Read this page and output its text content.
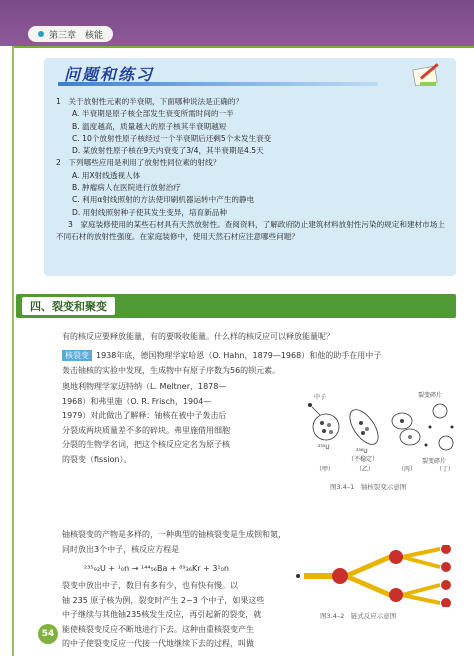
第三章　核能
问题和练习
1　关于放射性元素的半衰期，下面哪种说法是正确的？
A. 半衰期是原子核全部发生衰变所需时间的一半
B. 温度越高，质量越大的原子核其半衰期越短
C. 10个放射性原子核经过一个半衰期后还剩5个未发生衰变
D. 某放射性原子核在9天内衰变了3/4，其半衰期是4.5天
2　下列哪些应用是利用了放射性同位素的射线？
A. 用X射线透视人体
B. 肿瘤病人在医院进行放射治疗
C. 利用α射线照射的方法使印刷机器运转中产生的静电
D. 用射线照射种子使其发生变异，培育新品种
3　家庭装修使用的某些石材具有天然放射性。查阅资料，了解政府防止建筑材料放射性污染的规定和建材市场上不同石材的放射性强度。在家庭装修中，使用天然石材应注意哪些问题？
四、裂变和聚变
有的核反应要释放能量，有的要吸收能量。什么样的核反应可以释放能量呢？
核裂变 1938年底，德国物理学家哈恩（O. Hahn，1879—1968）和他的助手在用中子
轰击铀核的实验中发现，生成物中有原子序数为56的钡元素。
奥地利物理学家迈特纳（L. Meltner，1878—1968）和弗里施（O. R. Frisch，1904—1979）对此做出了解释：铀核在被中子轰击后分裂成两块质量差不多的碎块。弗里施借用细胞分裂的生物学名词，把这个核反应定名为原子核的裂变（fission）。
铀核裂变的产物是多样的，一种典型的铀核裂变是生成钡和氪，同时放出3个中子，核反应方程是
²³⁵₉₂U + ¹₀n → ¹⁴⁴₅₆Ba + ⁸⁹₃₆Kr + 3¹₀n
裂变中放出中子，数目有多有少，也有快有慢。以
铀 235 原子核为例，裂变时产生 2~3 个中子，如果这些
中子继续与其他铀235核发生反应，再引起新的裂变，就
能使核裂变反应不断地进行下去。这种由重核裂变产生
的中子使裂变反应一代接一代地继续下去的过程，叫做
中子
²³⁵U
²³⁶U
（不稳定）
裂变碎片
裂变碎片
（甲）	（乙）	（丙）	（丁）
图3.4–1　铀核裂变示意图
图3.4–2　链式反应示意图
54
